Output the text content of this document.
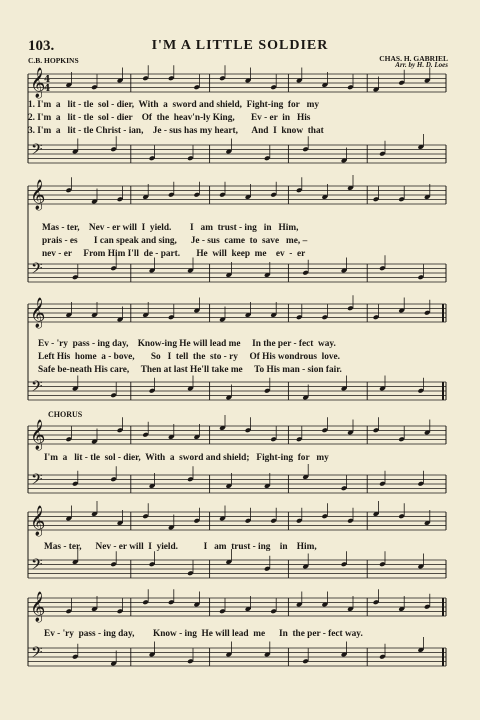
103.	I'M A LITTLE SOLDIER
C.B. HOPKINS	CHAS. H. GABRIEL
Arr. by H. D. Loes
𝄞
𝄢
𝄞
𝄢
𝄞
𝄢
𝄞
𝄢
𝄞
𝄢
𝄞
𝄢
4
4
1. I'm  a   lit - tle  sol - dier,  With  a  sword and shield,  Fight-ing  for   my
2. I'm  a   lit - tle  sol - dier    Of  the  heav'n-ly King,       Ev - er  in   His
3. I'm  a   lit - tle Christ - ian,    Je - sus has my heart,      And  I  know  that
Mas - ter,    Nev - er will  I  yield.        I   am  trust - ing   in   Him,
prais - es       I can speak and sing,      Je - sus  came  to  save   me, –
nev - er     From Him I'll  de - part.       He  will  keep  me    ev  -  er
Ev - 'ry  pass - ing day,    Know-ing He will lead me     In the per - fect  way.
Left His  home  a - bove,       So   I  tell  the  sto - ry     Of His wondrous  love.
Safe be-neath His care,     Then at last He'll take me     To His man - sion fair.
CHORUS
I'm  a   lit - tle  sol - dier,  With  a  sword and shield;   Fight-ing  for   my
Mas - ter,      Nev - er will  I  yield.           I   am  trust - ing    in    Him,
Ev - 'ry  pass - ing day,        Know - ing  He will lead  me      In  the per - fect way.
